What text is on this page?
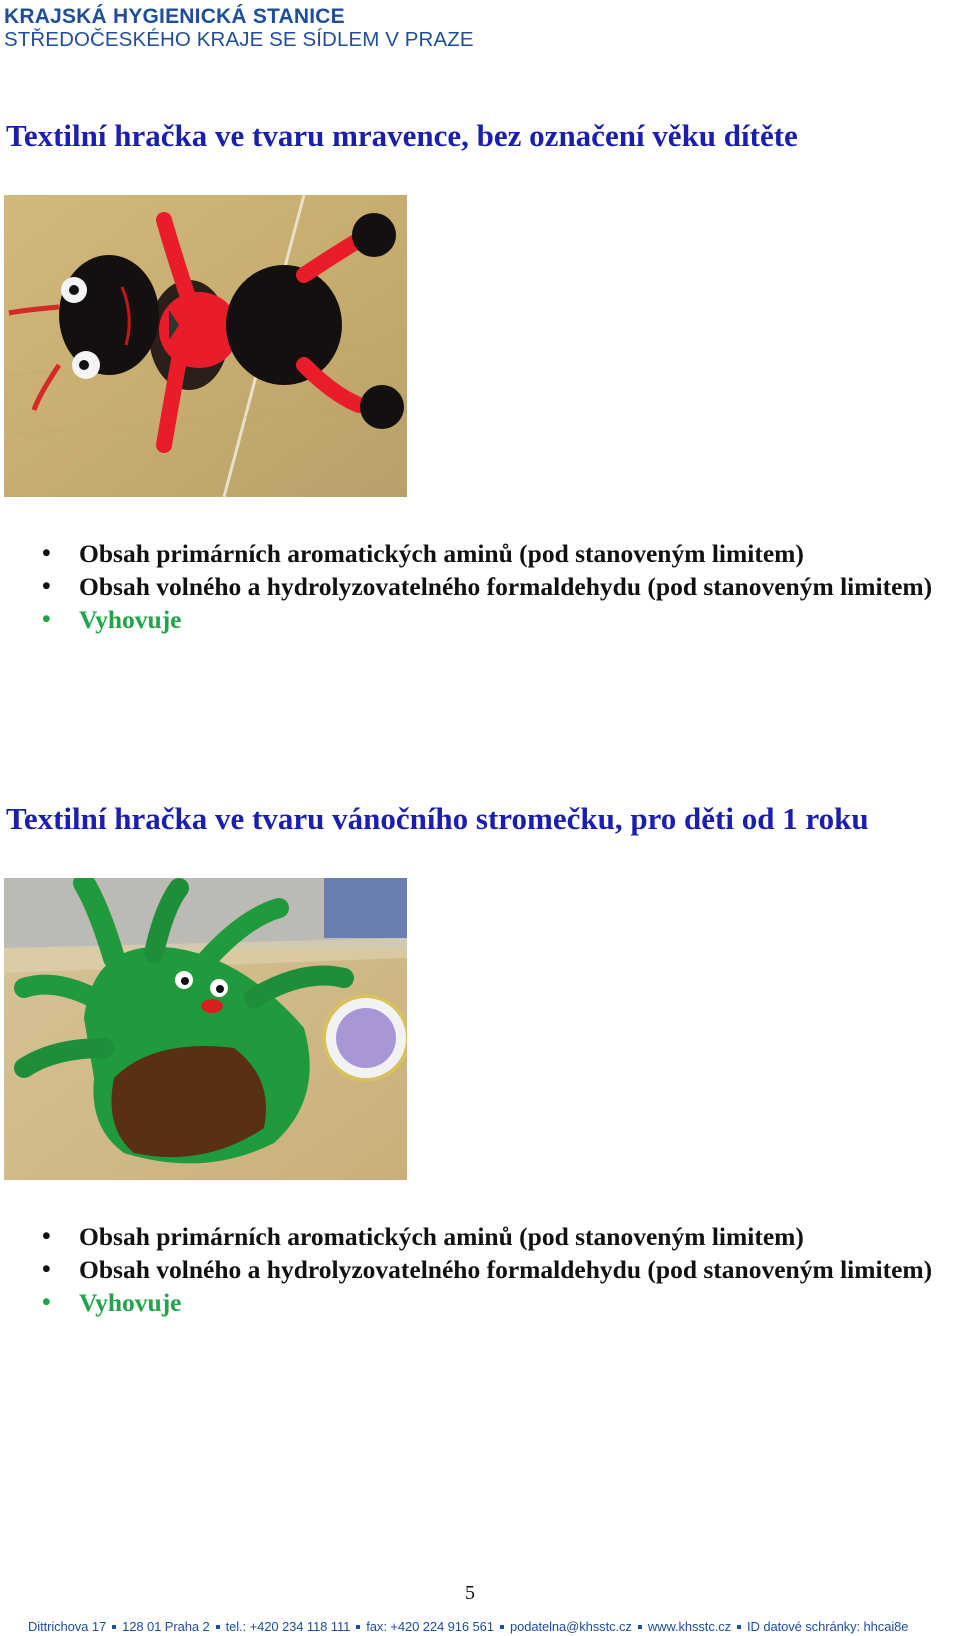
KRAJSKÁ HYGIENICKÁ STANICE
STŘEDOČESKÉHO KRAJE SE SÍDLEM V PRAZE
Textilní hračka ve tvaru mravence, bez označení věku dítěte
• Obsah primárních aromatických aminů (pod stanoveným limitem)
• Obsah volného a hydrolyzovatelného formaldehydu (pod stanoveným limitem)
• Vyhovuje
Textilní hračka ve tvaru vánočního stromečku, pro děti od 1 roku
• Obsah primárních aromatických aminů (pod stanoveným limitem)
• Obsah volného a hydrolyzovatelného formaldehydu (pod stanoveným limitem)
• Vyhovuje
5
Dittrichova 17 128 01 Praha 2 tel.: +420 234 118 111 fax: +420 224 916 561 podatelna@khsstc.cz www.khsstc.cz ID datové schránky: hhcai8e
